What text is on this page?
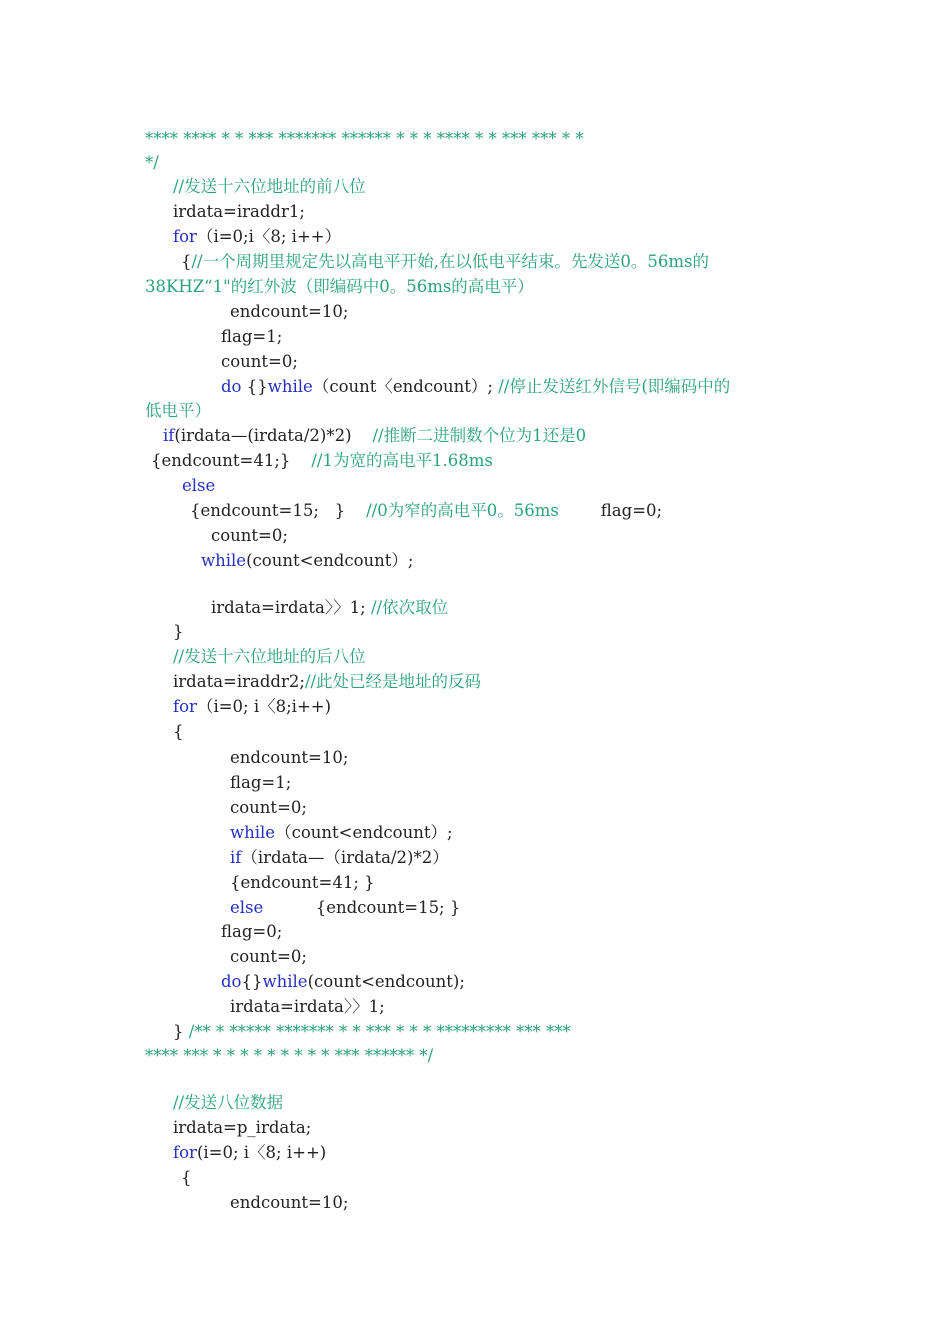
**** **** * * *** ******* ****** * * * **** * * *** *** * *
*/
//发送十六位地址的前八位
irdata=iraddr1;
for（i=0;i〈8; i++）
{//一个周期里规定先以高电平开始,在以低电平结束。先发送0。56ms的
38KHZ“1"的红外波（即编码中0。56ms的高电平）
endcount=10;
flag=1;
count=0;
do {}while（count〈endcount）; //停止发送红外信号(即编码中的
低电平）
if(irdata—(irdata/2)*2)    //推断二进制数个位为1还是0
{endcount=41;}    //1为宽的高电平1.68ms
else
{endcount=15;   }    //0为窄的高电平0。56ms        flag=0;
count=0;
while(count<endcount）;
irdata=irdata〉〉1; //依次取位
}
//发送十六位地址的后八位
irdata=iraddr2;//此处已经是地址的反码
for（i=0; i〈8;i++)
{
endcount=10;
flag=1;
count=0;
while（count<endcount）;
if（irdata—（irdata/2)*2）
{endcount=41; }
else          {endcount=15; }
flag=0;
count=0;
do{}while(count<endcount);
irdata=irdata〉〉1;
} /** * ***** ******* * * *** * * * ********* *** ***
**** *** * * * * * * * * * *** ****** */
//发送八位数据
irdata=p_irdata;
for(i=0; i〈8; i++)
{
endcount=10;
